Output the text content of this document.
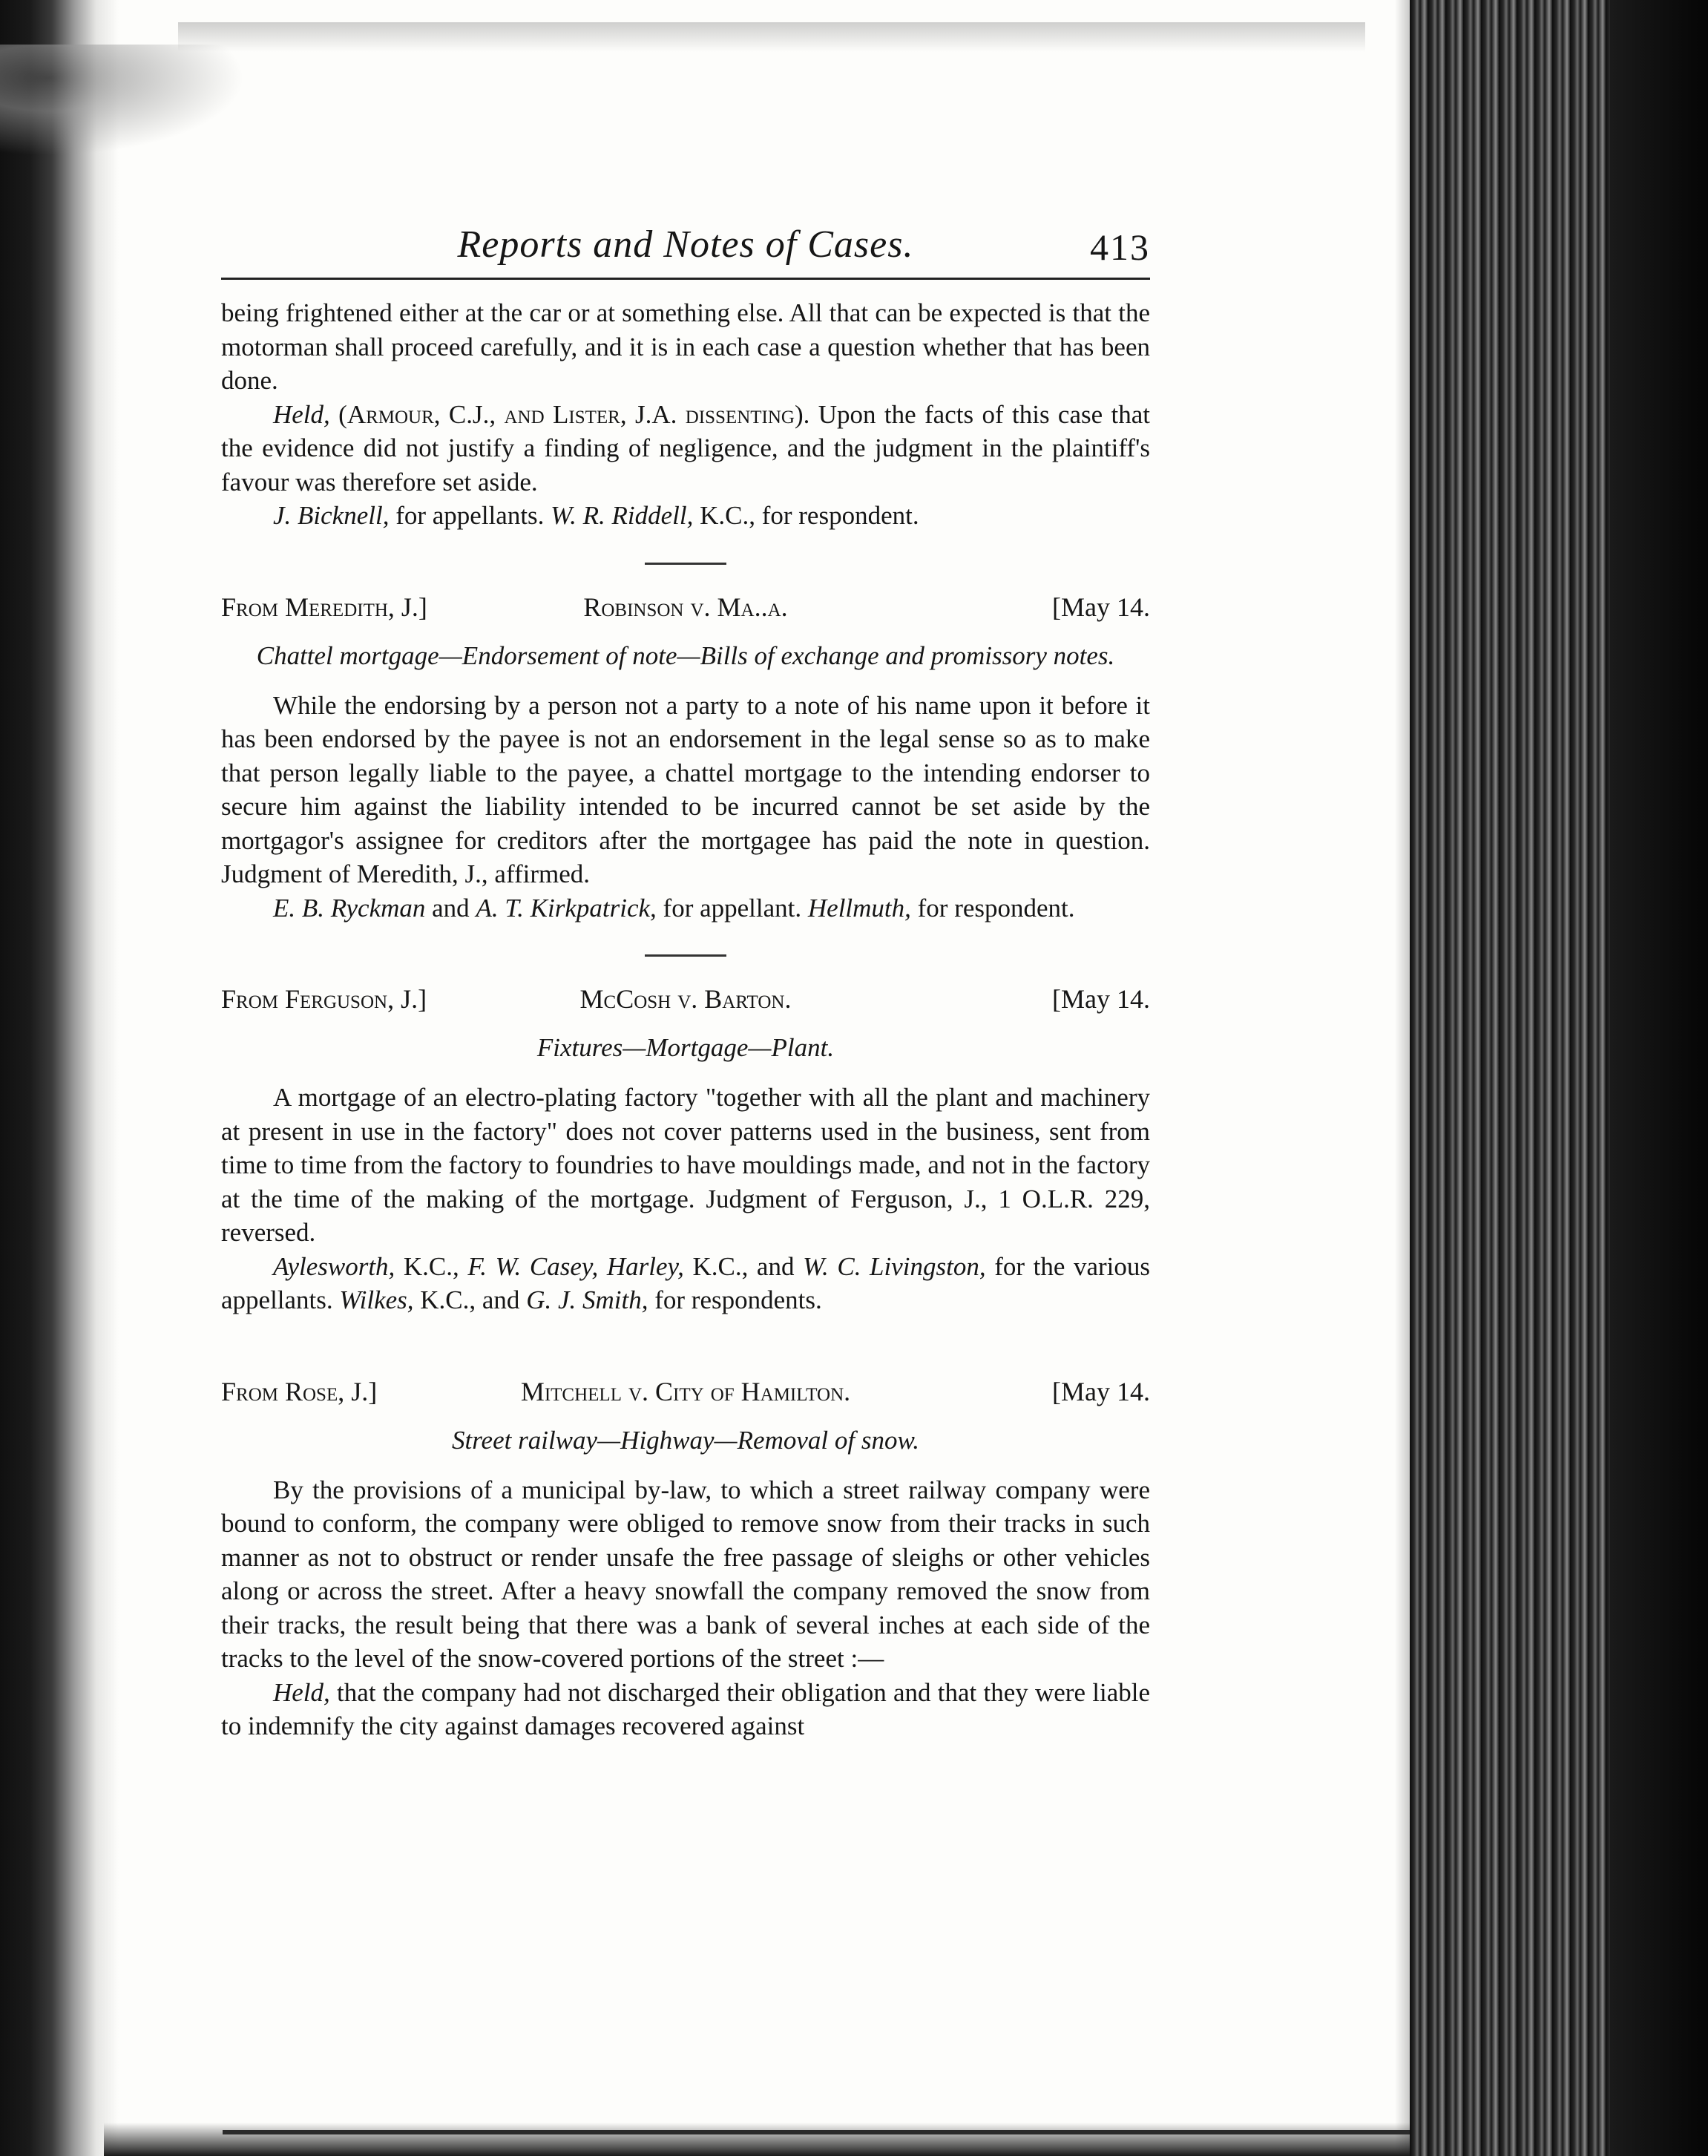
Reports and Notes of Cases.	413

being frightened either at the car or at something else. All that can be expected is that the motorman shall proceed carefully, and it is in each case a question whether that has been done.

Held, (Armour, C.J., and Lister, J.A. dissenting). Upon the facts of this case that the evidence did not justify a finding of negligence, and the judgment in the plaintiff's favour was therefore set aside.

J. Bicknell, for appellants. W. R. Riddell, K.C., for respondent.

From Meredith, J.]	Robinson v. Ma..a.	[May 14.
Chattel mortgage—Endorsement of note—Bills of exchange and promissory notes.

While the endorsing by a person not a party to a note of his name upon it before it has been endorsed by the payee is not an endorsement in the legal sense so as to make that person legally liable to the payee, a chattel mortgage to the intending endorser to secure him against the liability intended to be incurred cannot be set aside by the mortgagor's assignee for creditors after the mortgagee has paid the note in question. Judgment of Meredith, J., affirmed.

E. B. Ryckman and A. T. Kirkpatrick, for appellant. Hellmuth, for respondent.

From Ferguson, J.]	McCosh v. Barton.	[May 14.
Fixtures—Mortgage—Plant.

A mortgage of an electro-plating factory "together with all the plant and machinery at present in use in the factory" does not cover patterns used in the business, sent from time to time from the factory to foundries to have mouldings made, and not in the factory at the time of the making of the mortgage. Judgment of Ferguson, J., 1 O.L.R. 229, reversed.

Aylesworth, K.C., F. W. Casey, Harley, K.C., and W. C. Livingston, for the various appellants. Wilkes, K.C., and G. J. Smith, for respondents.

From Rose, J.]	Mitchell v. City of Hamilton.	[May 14.
Street railway—Highway—Removal of snow.

By the provisions of a municipal by-law, to which a street railway company were bound to conform, the company were obliged to remove snow from their tracks in such manner as not to obstruct or render unsafe the free passage of sleighs or other vehicles along or across the street. After a heavy snowfall the company removed the snow from their tracks, the result being that there was a bank of several inches at each side of the tracks to the level of the snow-covered portions of the street :—

Held, that the company had not discharged their obligation and that they were liable to indemnify the city against damages recovered against
